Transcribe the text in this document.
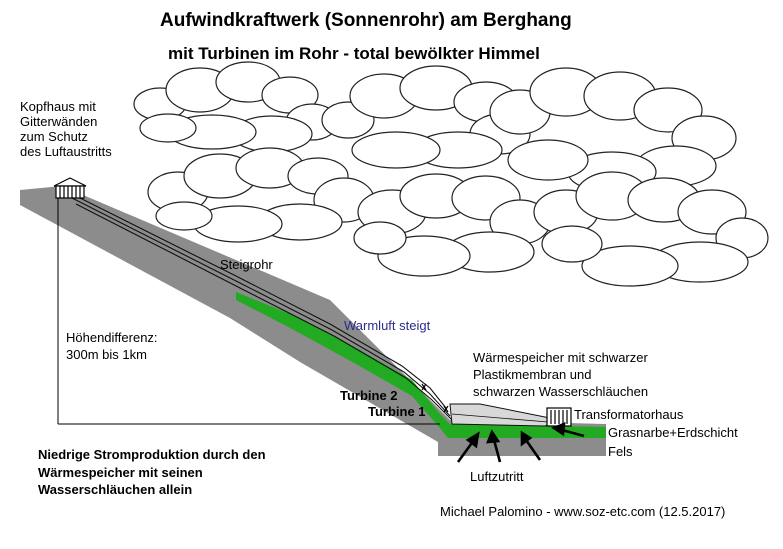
Aufwindkraftwerk (Sonnenrohr) am Berghang
mit Turbinen im Rohr - total bewölkter Himmel
Kopfhaus mit
Gitterwänden
zum Schutz
des Luftaustritts
Steigrohr
Warmluft steigt
Höhendifferenz:
300m bis 1km	Wärmespeicher mit schwarzer
Plastikmembran und
schwarzen Wasserschläuchen
Turbine 2
Turbine 1	Transformatorhaus
Grasnarbe+Erdschicht
Fels
Luftzutritt
Niedrige Stromproduktion durch den
Wärmespeicher mit seinen
Wasserschläuchen allein
Michael Palomino - www.soz-etc.com (12.5.2017)
